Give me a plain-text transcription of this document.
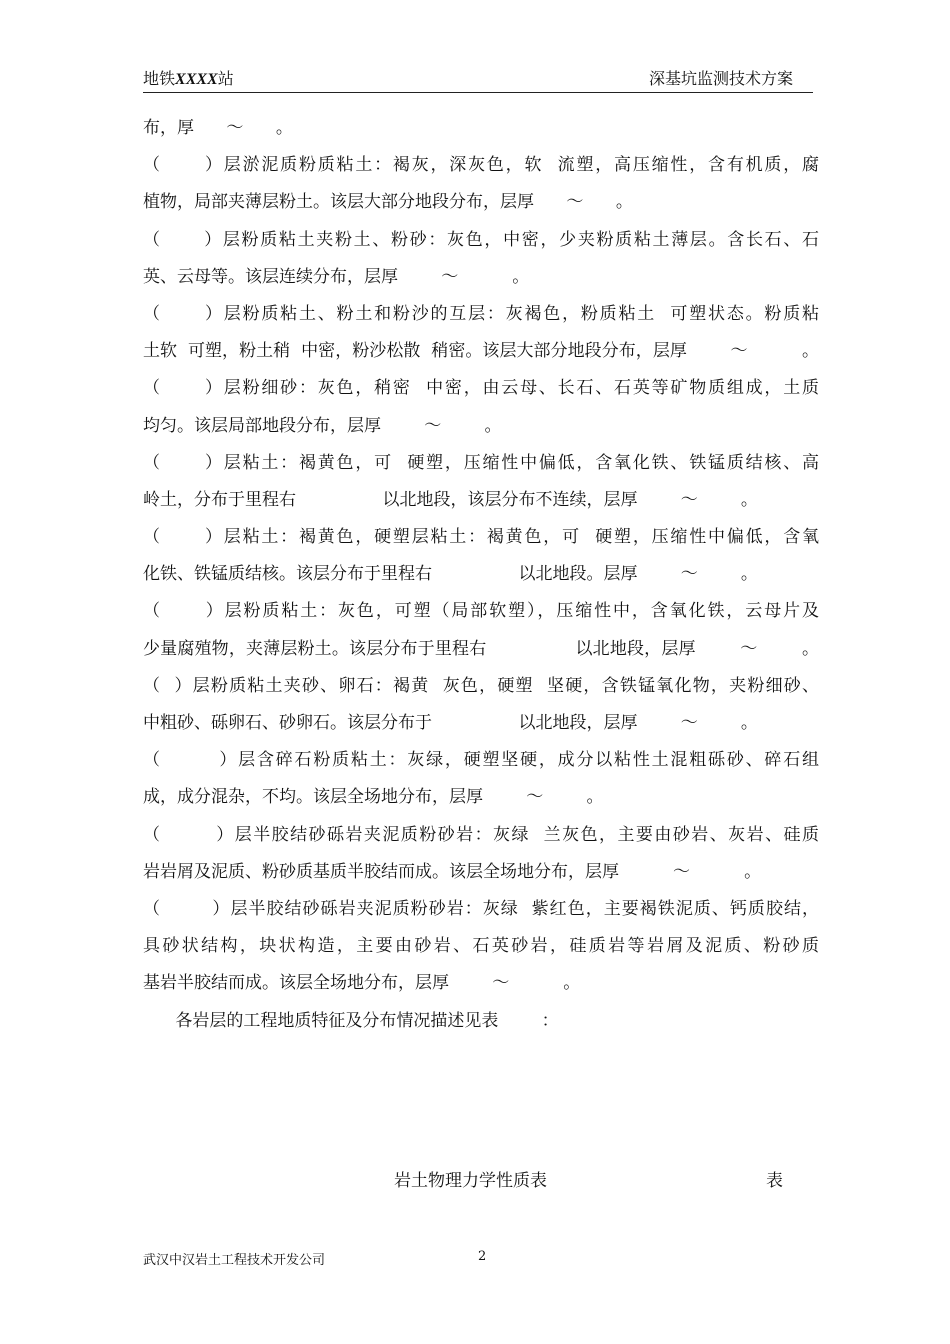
地铁XXXX站	深基坑监测技术方案
布，厚      ～      。
（      ）层淤泥质粉质粘土：褐灰，深灰色，软  流塑，高压缩性，含有机质，腐
植物，局部夹薄层粉土。该层大部分地段分布，层厚      ～      。
（      ）层粉质粘土夹粉土、粉砂：灰色，中密，少夹粉质粘土薄层。含长石、石
英、云母等。该层连续分布，层厚        ～          。
（      ）层粉质粘土、粉土和粉沙的互层：灰褐色，粉质粘土  可塑状态。粉质粘
土软  可塑，粉土稍  中密，粉沙松散  稍密。该层大部分地段分布，层厚        ～          。
（      ）层粉细砂：灰色，稍密  中密，由云母、长石、石英等矿物质组成，土质
均匀。该层局部地段分布，层厚        ～        。
（      ）层粘土：褐黄色，可  硬塑，压缩性中偏低，含氧化铁、铁锰质结核、高
岭土，分布于里程右                以北地段，该层分布不连续，层厚        ～        。
（      ）层粘土：褐黄色，硬塑层粘土：褐黄色，可  硬塑，压缩性中偏低，含氧
化铁、铁锰质结核。该层分布于里程右                以北地段。层厚        ～        。
（      ）层粉质粘土：灰色，可塑（局部软塑），压缩性中，含氧化铁，云母片及
少量腐殖物，夹薄层粉土。该层分布于里程右                以北地段，层厚        ～        。
（  ）层粉质粘土夹砂、卵石：褐黄  灰色，硬塑  坚硬，含铁锰氧化物，夹粉细砂、
中粗砂、砾卵石、砂卵石。该层分布于                以北地段，层厚        ～        。
（        ）层含碎石粉质粘土：灰绿，硬塑坚硬，成分以粘性土混粗砾砂、碎石组
成，成分混杂，不均。该层全场地分布，层厚        ～        。
（        ）层半胶结砂砾岩夹泥质粉砂岩：灰绿  兰灰色，主要由砂岩、灰岩、硅质
岩岩屑及泥质、粉砂质基质半胶结而成。该层全场地分布，层厚          ～          。
（        ）层半胶结砂砾岩夹泥质粉砂岩：灰绿  紫红色，主要褐铁泥质、钙质胶结，
具砂状结构，块状构造，主要由砂岩、石英砂岩，硅质岩等岩屑及泥质、粉砂质
基岩半胶结而成。该层全场地分布，层厚        ～          。
各岩层的工程地质特征及分布情况描述见表        ：
岩土物理力学性质表	表
武汉中汉岩土工程技术开发公司	2
